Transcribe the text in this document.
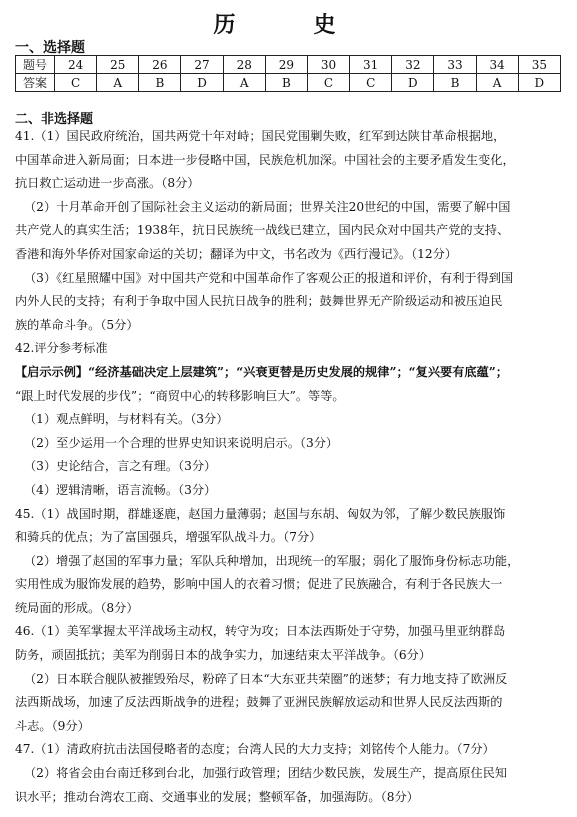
历　史
一、选择题
题号	24	25	26	27	28	29	30	31	32	33	34	35
答案	C	A	B	D	A	B	C	C	D	B	A	D
二、非选择题

41.（1）国民政府统治，国共两党十年对峙；国民党围剿失败，红军到达陕甘革命根据地，

中国革命进入新局面；日本进一步侵略中国，民族危机加深。中国社会的主要矛盾发生变化，

抗日救亡运动进一步高涨。（8分）

（2）十月革命开创了国际社会主义运动的新局面；世界关注20世纪的中国，需要了解中国

共产党人的真实生活；1938年，抗日民族统一战线已建立，国内民众对中国共产党的支持、

香港和海外华侨对国家命运的关切；翻译为中文，书名改为《西行漫记》。（12分）

（3）《红星照耀中国》对中国共产党和中国革命作了客观公正的报道和评价，有利于得到国

内外人民的支持；有利于争取中国人民抗日战争的胜利；鼓舞世界无产阶级运动和被压迫民

族的革命斗争。（5分）

42.评分参考标准

【启示示例】“经济基础决定上层建筑”；“兴衰更替是历史发展的规律”；“复兴要有底蕴”；

“跟上时代发展的步伐”；“商贸中心的转移影响巨大”。等等。

（1）观点鲜明，与材料有关。（3分）

（2）至少运用一个合理的世界史知识来说明启示。（3分）

（3）史论结合，言之有理。（3分）

（4）逻辑清晰，语言流畅。（3分）

45.（1）战国时期，群雄逐鹿，赵国力量薄弱；赵国与东胡、匈奴为邻，了解少数民族服饰

和骑兵的优点；为了富国强兵，增强军队战斗力。（7分）

（2）增强了赵国的军事力量；军队兵种增加，出现统一的军服；弱化了服饰身份标志功能，

实用性成为服饰发展的趋势，影响中国人的衣着习惯；促进了民族融合，有利于各民族大一

统局面的形成。（8分）

46.（1）美军掌握太平洋战场主动权，转守为攻；日本法西斯处于守势，加强马里亚纳群岛

防务，顽固抵抗；美军为削弱日本的战争实力，加速结束太平洋战争。（6分）

（2）日本联合舰队被摧毁殆尽，粉碎了日本“大东亚共荣圈”的迷梦；有力地支持了欧洲反

法西斯战场，加速了反法西斯战争的进程；鼓舞了亚洲民族解放运动和世界人民反法西斯的

斗志。（9分）

47.（1）清政府抗击法国侵略者的态度；台湾人民的大力支持；刘铭传个人能力。（7分）

（2）将省会由台南迁移到台北，加强行政管理；团结少数民族，发展生产，提高原住民知

识水平；推动台湾农工商、交通事业的发展；整顿军备，加强海防。（8分）
